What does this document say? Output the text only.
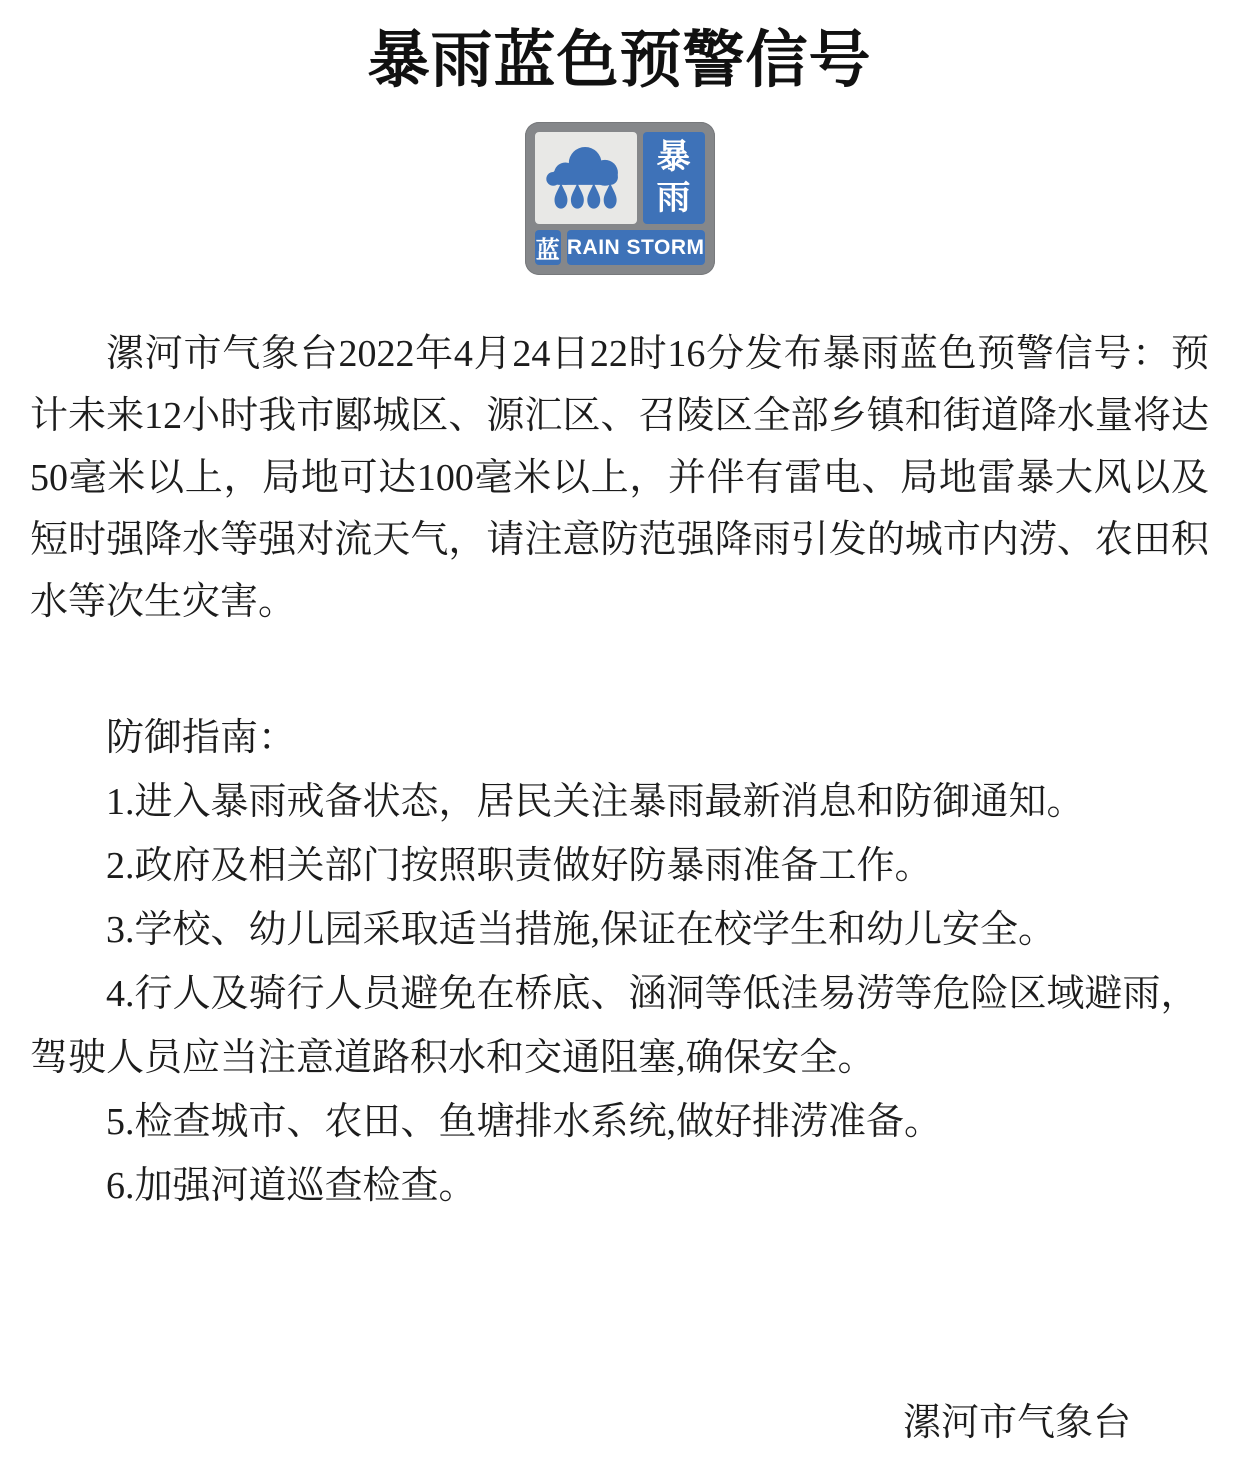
暴雨蓝色预警信号
暴
雨
蓝 RAIN STORM
漯河市气象台2022年4月24日22时16分发布暴雨蓝色预警信号：预
计未来12小时我市郾城区、源汇区、召陵区全部乡镇和街道降水量将达
50毫米以上，局地可达100毫米以上，并伴有雷电、局地雷暴大风以及
短时强降水等强对流天气，请注意防范强降雨引发的城市内涝、农田积
水等次生灾害。
防御指南：
1.进入暴雨戒备状态，居民关注暴雨最新消息和防御通知。
2.政府及相关部门按照职责做好防暴雨准备工作。
3.学校、幼儿园采取适当措施,保证在校学生和幼儿安全。
4.行人及骑行人员避免在桥底、涵洞等低洼易涝等危险区域避雨，
驾驶人员应当注意道路积水和交通阻塞,确保安全。
5.检查城市、农田、鱼塘排水系统,做好排涝准备。
6.加强河道巡查检查。
漯河市气象台
